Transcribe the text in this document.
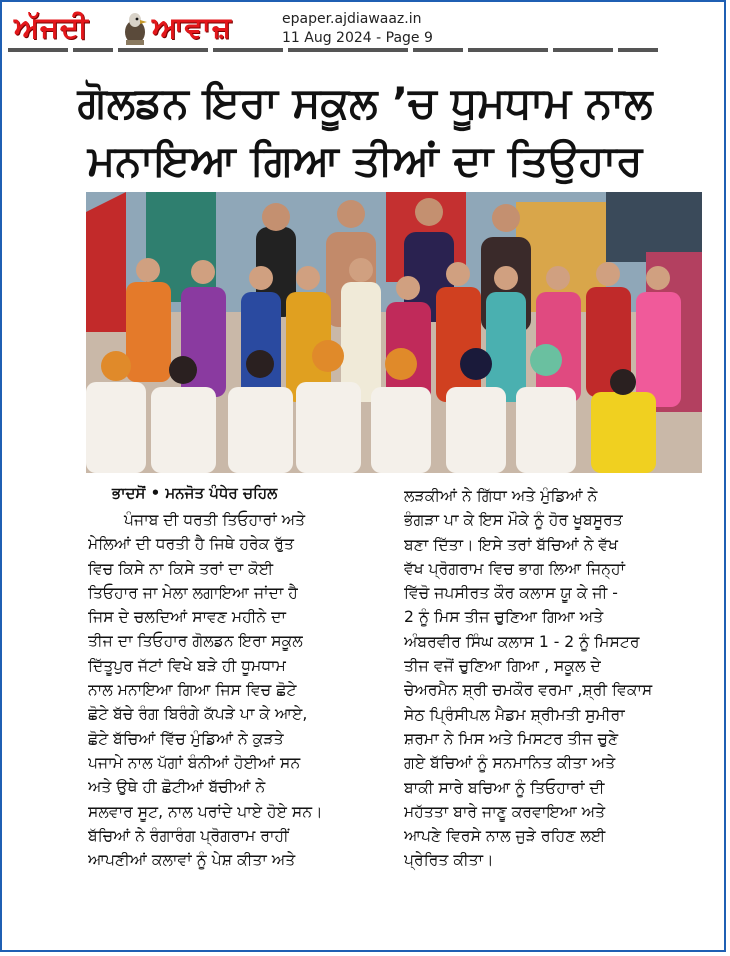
ਅੱਜਦੀ ਆਵਾਜ਼	epaper.ajdiawaaz.in
11 Aug 2024 - Page 9
ਗੋਲਡਨ ਇਰਾ ਸਕੂਲ ’ਚ ਧੂਮਧਾਮ ਨਾਲ
ਮਨਾਇਆ ਗਿਆ ਤੀਆਂ ਦਾ ਤਿਉਹਾਰ
ਭਾਦਸੋਂ • ਮਨਜੋਤ ਪੰਧੇਰ ਚਹਿਲ
ਪੰਜਾਬ ਦੀ ਧਰਤੀ ਤਿਓਹਾਰਾਂ ਅਤੇ
ਮੇਲਿਆਂ ਦੀ ਧਰਤੀ ਹੈ ਜਿਥੇ ਹਰੇਕ ਰੁੱਤ
ਵਿਚ ਕਿਸੇ ਨਾ ਕਿਸੇ ਤਰਾਂ ਦਾ ਕੋਈ
ਤਿਓਹਾਰ ਜਾ ਮੇਲਾ ਲਗਾਇਆ ਜਾਂਦਾ ਹੈ
ਜਿਸ ਦੇ ਚਲਦਿਆਂ ਸਾਵਣ ਮਹੀਨੇ ਦਾ
ਤੀਜ ਦਾ ਤਿਓਹਾਰ ਗੋਲਡਨ ਇਰਾ ਸਕੂਲ
ਦਿੱਤੂਪੁਰ ਜੱਟਾਂ ਵਿਖੇ ਬੜੇ ਹੀ ਧੂਮਧਾਮ
ਨਾਲ ਮਨਾਇਆ ਗਿਆ ਜਿਸ ਵਿਚ ਛੋਟੇ
ਛੋਟੇ ਬੱਚੇ ਰੰਗ ਬਿਰੰਗੇ ਕੱਪੜੇ ਪਾ ਕੇ ਆਏ,
ਛੋਟੇ ਬੱਚਿਆਂ ਵਿੱਚ ਮੁੰਡਿਆਂ ਨੇ ਕੁੜਤੇ
ਪਜਾਮੇ ਨਾਲ ਪੱਗਾਂ ਬੰਨੀਆਂ ਹੋਈਆਂ ਸਨ
ਅਤੇ ਉਥੇ ਹੀ ਛੋਟੀਆਂ ਬੱਚੀਆਂ ਨੇ
ਸਲਵਾਰ ਸੂਟ, ਨਾਲ ਪਰਾਂਦੇ ਪਾਏ ਹੋਏ ਸਨ।
ਬੱਚਿਆਂ ਨੇ ਰੰਗਾਰੰਗ ਪ੍ਰੋਗਰਾਮ ਰਾਹੀਂ
ਆਪਣੀਆਂ ਕਲਾਵਾਂ ਨੂੰ ਪੇਸ਼ ਕੀਤਾ ਅਤੇ
ਲੜਕੀਆਂ ਨੇ ਗਿੱਧਾ ਅਤੇ ਮੁੰਡਿਆਂ ਨੇ
ਭੰਗੜਾ ਪਾ ਕੇ ਇਸ ਮੌਕੇ ਨੂੰ ਹੋਰ ਖੂਬਸੂਰਤ
ਬਣਾ ਦਿੱਤਾ। ਇਸੇ ਤਰਾਂ ਬੱਚਿਆਂ ਨੇ ਵੱਖ
ਵੱਖ ਪ੍ਰੋਗਰਾਮ ਵਿਚ ਭਾਗ ਲਿਆ ਜਿਨ੍ਹਾਂ
ਵਿੱਚੋ ਜਪਸੀਰਤ ਕੌਰ ਕਲਾਸ ਯੂ ਕੇ ਜੀ -
2 ਨੂੰ ਮਿਸ ਤੀਜ ਚੁਣਿਆ ਗਿਆ ਅਤੇ
ਅੰਬਰਵੀਰ ਸਿੰਘ ਕਲਾਸ 1 - 2 ਨੂੰ ਮਿਸਟਰ
ਤੀਜ ਵਜੋਂ ਚੁਣਿਆ ਗਿਆ , ਸਕੂਲ ਦੇ
ਚੇਅਰਮੈਨ ਸ਼੍ਰੀ ਚਮਕੌਰ ਵਰਮਾ ,ਸ਼੍ਰੀ ਵਿਕਾਸ
ਸੇਠ ਪ੍ਰਿੰਸੀਪਲ ਮੈਡਮ ਸ਼੍ਰੀਮਤੀ ਸੁਮੀਰਾ
ਸ਼ਰਮਾ ਨੇ ਮਿਸ ਅਤੇ ਮਿਸਟਰ ਤੀਜ ਚੁਣੇ
ਗਏ ਬੱਚਿਆਂ ਨੂੰ ਸਨਮਾਨਿਤ ਕੀਤਾ ਅਤੇ
ਬਾਕੀ ਸਾਰੇ ਬਚਿਆ ਨੂੰ ਤਿਓਹਾਰਾਂ ਦੀ
ਮਹੱਤਤਾ ਬਾਰੇ ਜਾਣੂ ਕਰਵਾਇਆ ਅਤੇ
ਆਪਣੇ ਵਿਰਸੇ ਨਾਲ ਜੁੜੇ ਰਹਿਣ ਲਈ
ਪ੍ਰੇਰਿਤ ਕੀਤਾ।
